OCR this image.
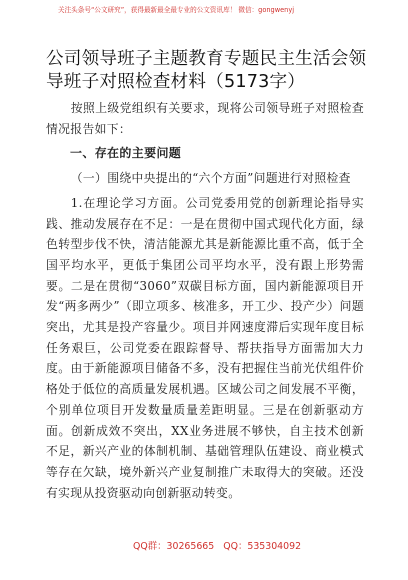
关注头条号“公文研究”，获得最新最全最专业的公文资讯库！ 微信：gongwenyj
公司领导班子主题教育专题民主生活会领导班子对照检查材料（5173字）

按照上级党组织有关要求，现将公司领导班子对照检查情况报告如下：

一、存在的主要问题

（一）围绕中央提出的“六个方面”问题进行对照检查

1.在理论学习方面。公司党委用党的创新理论指导实践、推动发展存在不足：一是在贯彻中国式现代化方面，绿色转型步伐不快，清洁能源尤其是新能源比重不高，低于全国平均水平，更低于集团公司平均水平，没有跟上形势需要。二是在贯彻“3060”双碳目标方面，国内新能源项目开发“两多两少”（即立项多、核准多，开工少、投产少）问题突出，尤其是投产容量少。项目并网速度滞后实现年度目标任务艰巨，公司党委在跟踪督导、帮扶指导方面需加大力度。由于新能源项目储备不多，没有把握住当前光伏组件价格处于低位的高质量发展机遇。区域公司之间发展不平衡，个别单位项目开发数量质量差距明显。三是在创新驱动方面。创新成效不突出，XX业务进展不够快，自主技术创新不足，新兴产业的体制机制、基础管理队伍建设、商业模式等存在欠缺，境外新兴产业复制推广未取得大的突破。还没有实现从投资驱动向创新驱动转变。

QQ群：30265665 QQ：535304092
